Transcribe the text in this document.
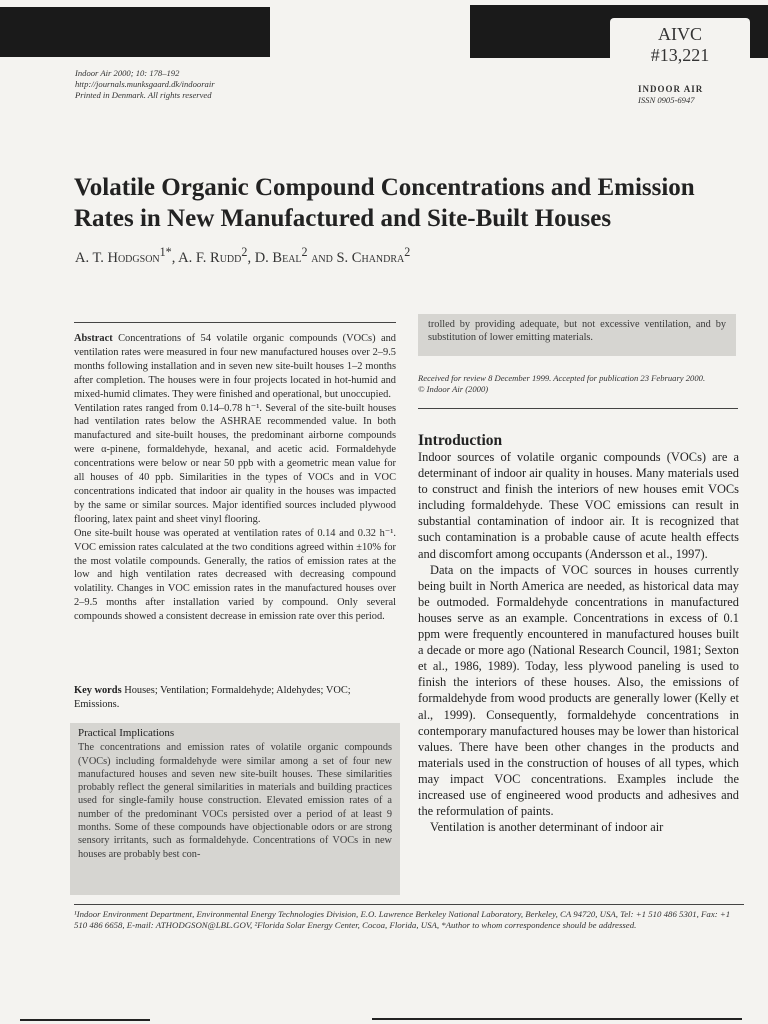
AIVC
#13,221
Indoor Air 2000; 10: 178–192
http://journals.munksgaard.dk/indoorair
Printed in Denmark. All rights reserved
INDOOR AIR
ISSN 0905-6947
Volatile Organic Compound Concentrations and Emission Rates in New Manufactured and Site-Built Houses
A. T. Hodgson$^{1*}$, A. F. Rudd$^2$, D. Beal$^2$ and S. Chandra$^2$

Abstract Concentrations of 54 volatile organic compounds (VOCs) and ventilation rates were measured in four new manufactured houses over 2–9.5 months following installation and in seven new site-built houses 1–2 months after completion. The houses were in four projects located in hot-humid and mixed-humid climates. They were finished and operational, but unoccupied.

Ventilation rates ranged from 0.14–0.78 h⁻¹. Several of the site-built houses had ventilation rates below the ASHRAE recommended value. In both manufactured and site-built houses, the predominant airborne compounds were α-pinene, formaldehyde, hexanal, and acetic acid. Formaldehyde concentrations were below or near 50 ppb with a geometric mean value for all houses of 40 ppb. Similarities in the types of VOCs and in VOC concentrations indicated that indoor air quality in the houses was impacted by the same or similar sources. Major identified sources included plywood flooring, latex paint and sheet vinyl flooring.

One site-built house was operated at ventilation rates of 0.14 and 0.32 h⁻¹. VOC emission rates calculated at the two conditions agreed within ±10% for the most volatile compounds. Generally, the ratios of emission rates at the low and high ventilation rates decreased with decreasing compound volatility. Changes in VOC emission rates in the manufactured houses over 2–9.5 months after installation varied by compound. Only several compounds showed a consistent decrease in emission rate over this period.

Key words Houses; Ventilation; Formaldehyde; Aldehydes; VOC; Emissions.
Practical Implications
The concentrations and emission rates of volatile organic compounds (VOCs) including formaldehyde were similar among a set of four new manufactured houses and seven new site-built houses. These similarities probably reflect the general similarities in materials and building practices used for single-family house construction. Elevated emission rates of a number of the predominant VOCs persisted over a period of at least 9 months. Some of these compounds have objectionable odors or are strong sensory irritants, such as formaldehyde. Concentrations of VOCs in new houses are probably best con-
trolled by providing adequate, but not excessive ventilation, and by substitution of lower emitting materials.
Received for review 8 December 1999. Accepted for publication 23 February 2000.
© Indoor Air (2000)
Introduction

Indoor sources of volatile organic compounds (VOCs) are a determinant of indoor air quality in houses. Many materials used to construct and finish the interiors of new houses emit VOCs including formaldehyde. These VOC emissions can result in substantial contamination of indoor air. It is recognized that such contamination is a probable cause of acute health effects and discomfort among occupants (Andersson et al., 1997).

Data on the impacts of VOC sources in houses currently being built in North America are needed, as historical data may be outmoded. Formaldehyde concentrations in manufactured houses serve as an example. Concentrations in excess of 0.1 ppm were frequently encountered in manufactured houses built a decade or more ago (National Research Council, 1981; Sexton et al., 1986, 1989). Today, less plywood paneling is used to finish the interiors of these houses. Also, the emissions of formaldehyde from wood products are generally lower (Kelly et al., 1999). Consequently, formaldehyde concentrations in contemporary manufactured houses may be lower than historical values. There have been other changes in the products and materials used in the construction of houses of all types, which may impact VOC concentrations. Examples include the increased use of engineered wood products and adhesives and the reformulation of paints.

Ventilation is another determinant of indoor air

¹Indoor Environment Department, Environmental Energy Technologies Division, E.O. Lawrence Berkeley National Laboratory, Berkeley, CA 94720, USA, Tel: +1 510 486 5301, Fax: +1 510 486 6658, E-mail: ATHODGSON@LBL.GOV, ²Florida Solar Energy Center, Cocoa, Florida, USA, *Author to whom correspondence should be addressed.
